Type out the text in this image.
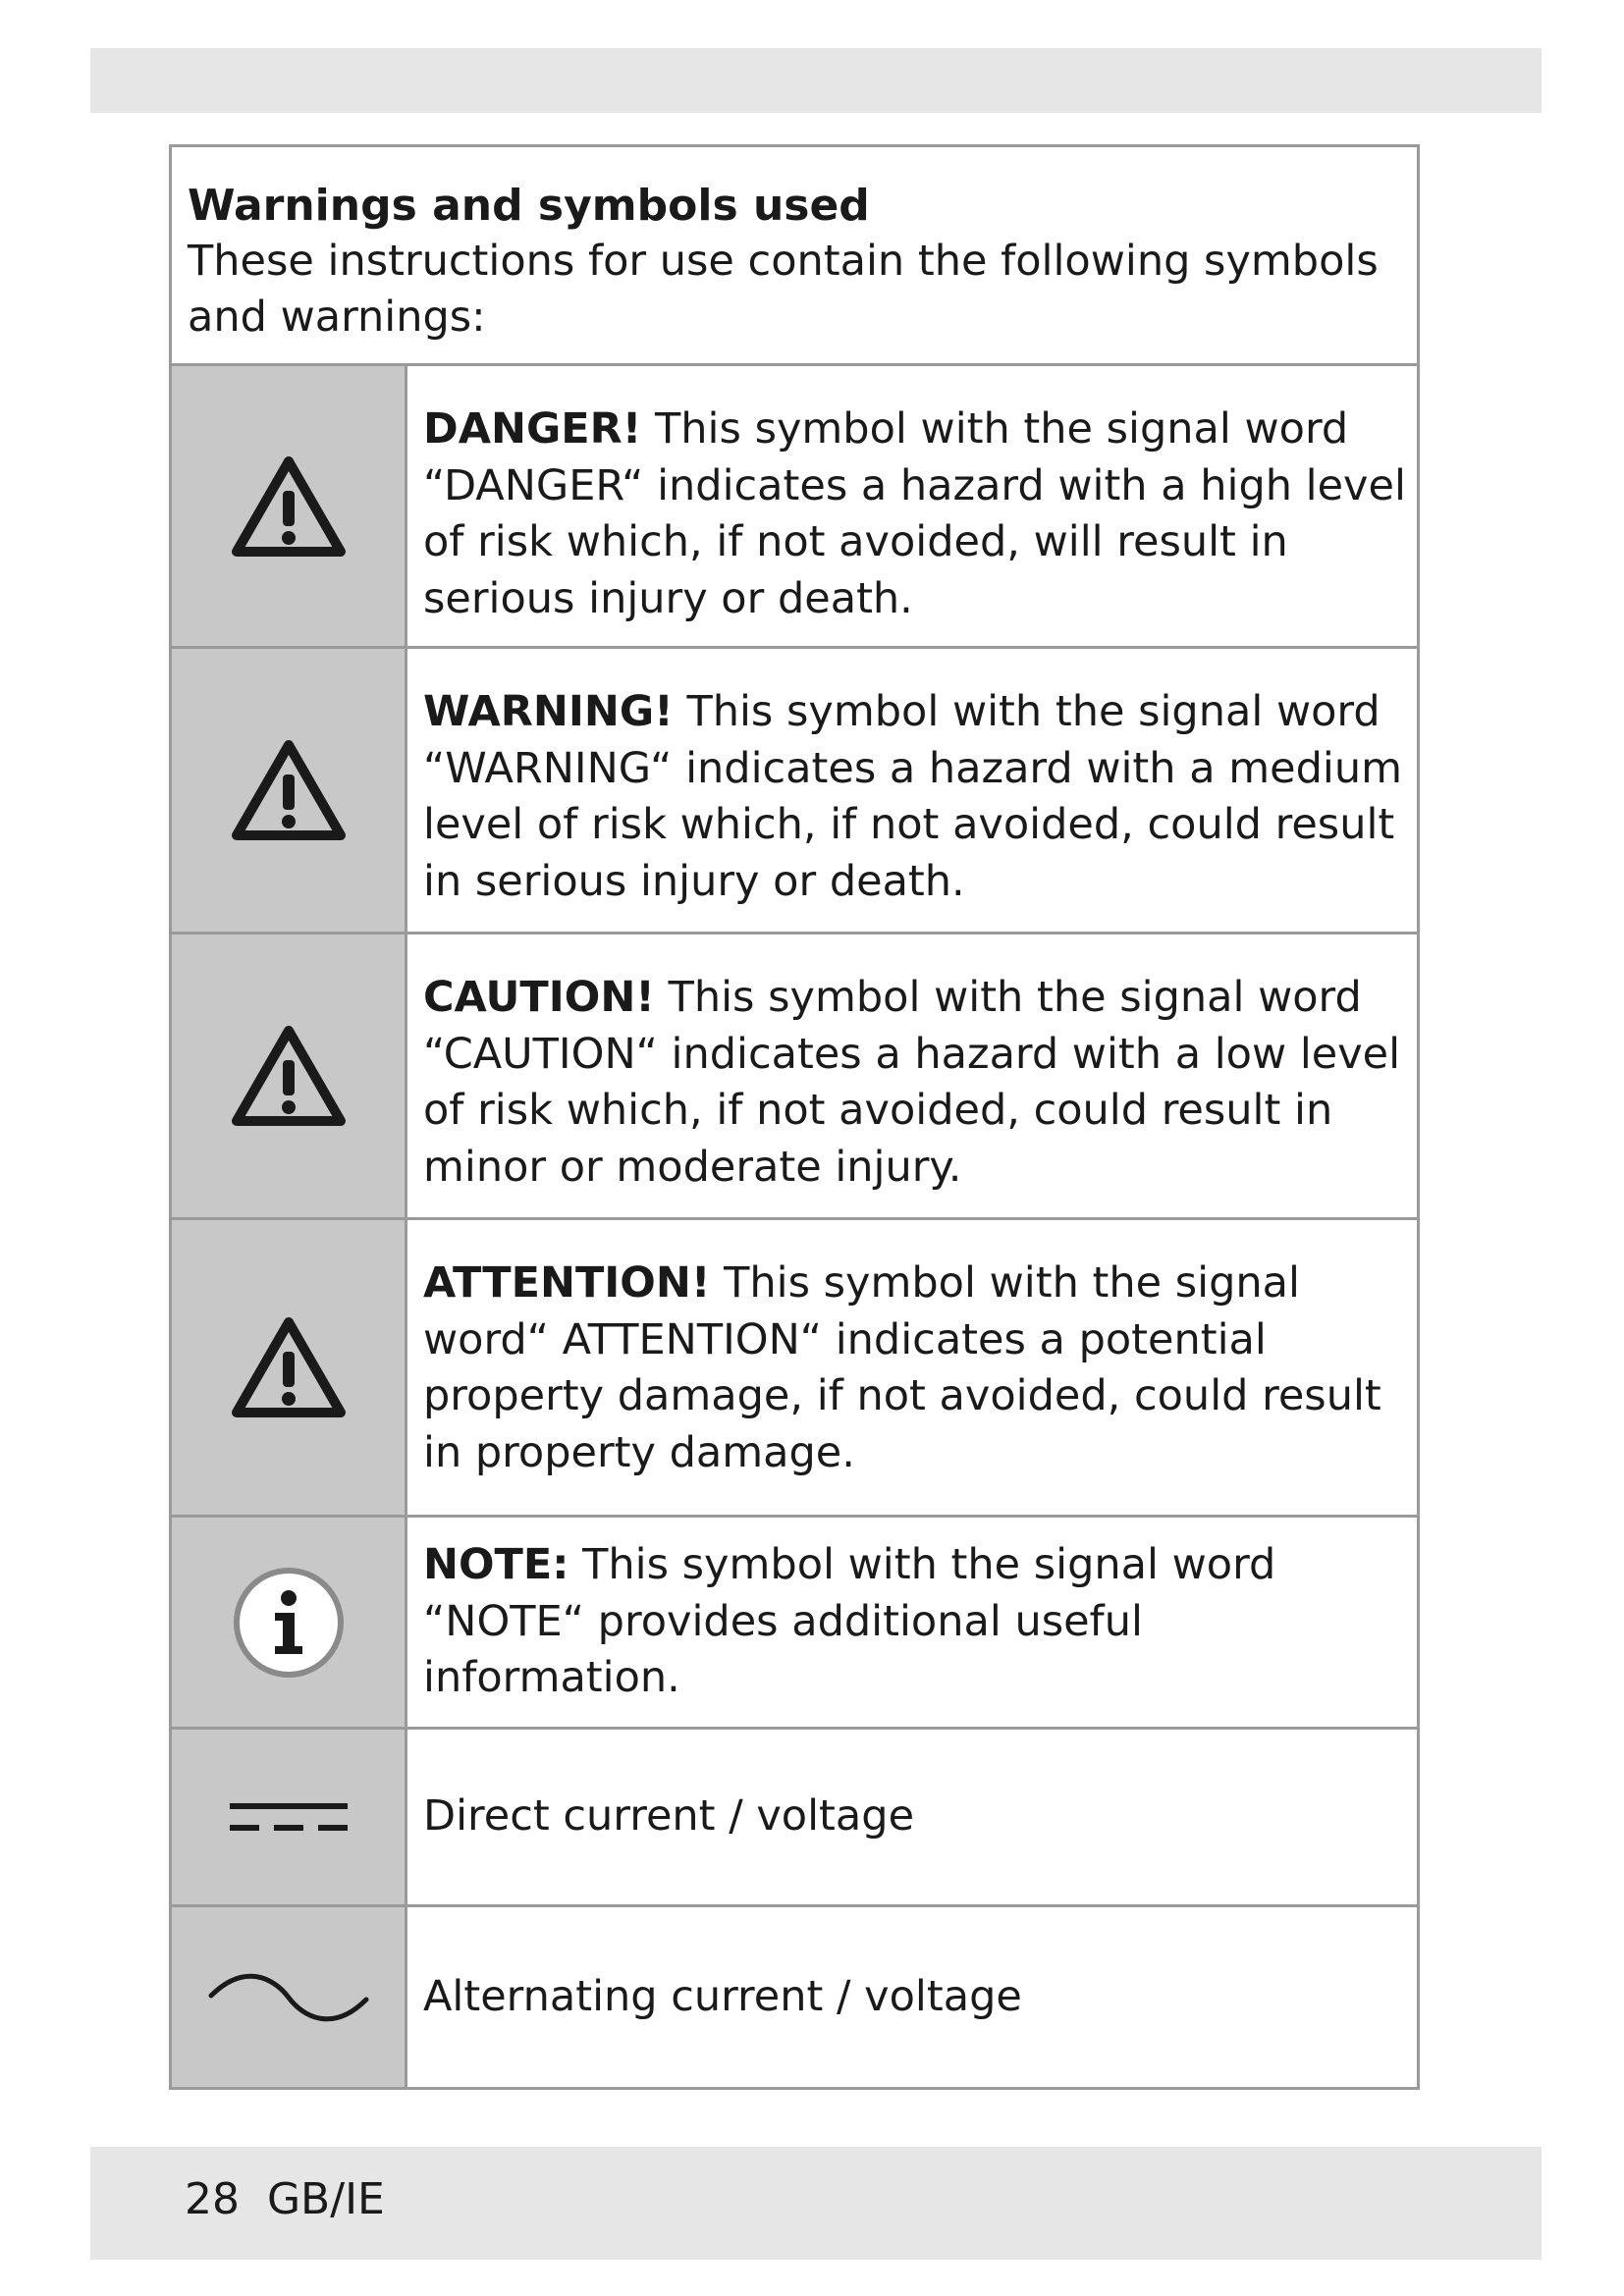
Warnings and symbols used

These instructions for use contain the following symbols and warnings:

DANGER! This symbol with the signal word “DANGER“ indicates a hazard with a high level of risk which, if not avoided, will result in serious injury or death.

WARNING! This symbol with the signal word “WARNING“ indicates a hazard with a medium level of risk which, if not avoided, could result in serious injury or death.

CAUTION! This symbol with the signal word “CAUTION“ indicates a hazard with a low level of risk which, if not avoided, could result in minor or moderate injury.

ATTENTION! This symbol with the signal word“ ATTENTION“ indicates a potential property damage, if not avoided, could result in property damage.

NOTE: This symbol with the signal word “NOTE“ provides additional useful information.

Direct current / voltage

Alternating current / voltage

28  GB/IE
